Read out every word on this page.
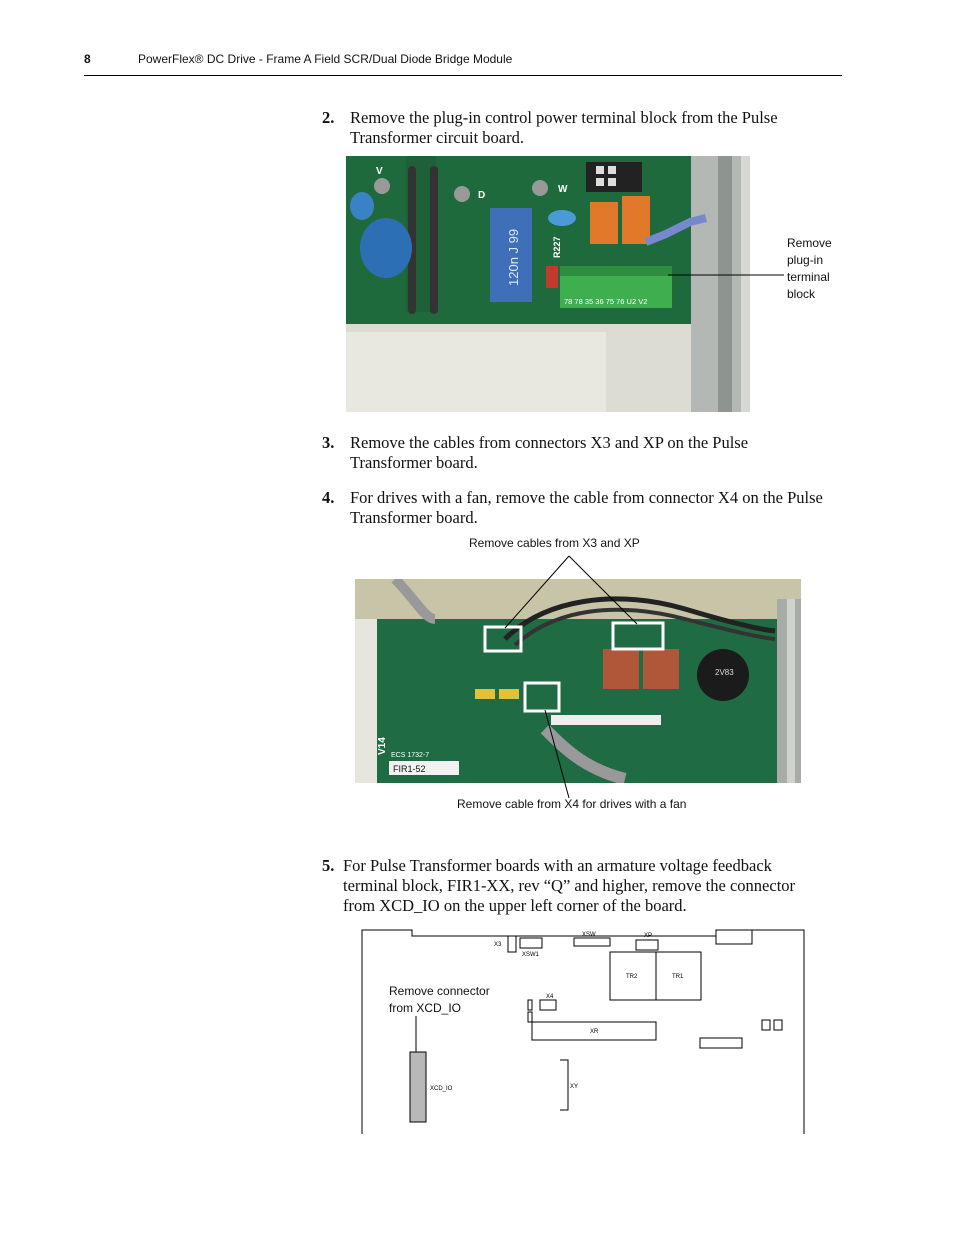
8	PowerFlex® DC Drive - Frame A Field SCR/Dual Diode Bridge Module
2. Remove the plug-in control power terminal block from the Pulse
Transformer circuit board.
120n J 99
V
D
W
R227
78 78 35 36 75 76 U2 V2
Remove
plug-in
terminal
block
3. Remove the cables from connectors X3 and XP on the Pulse
Transformer board.
4. For drives with a fan, remove the cable from connector X4 on the Pulse
Transformer board.
Remove cables from X3 and XP
2V83
FIR1-52
ECS 1732-7
V14
Remove cable from X4 for drives with a fan
5. For Pulse Transformer boards with an armature voltage feedback
terminal block, FIR1-XX, rev “Q” and higher, remove the connector
from XCD_IO on the upper left corner of the board.
X3
XSW1
XSW	XP
TR2	TR1
X4
XR
XY
XCD_IO
Remove connector
from XCD_IO
